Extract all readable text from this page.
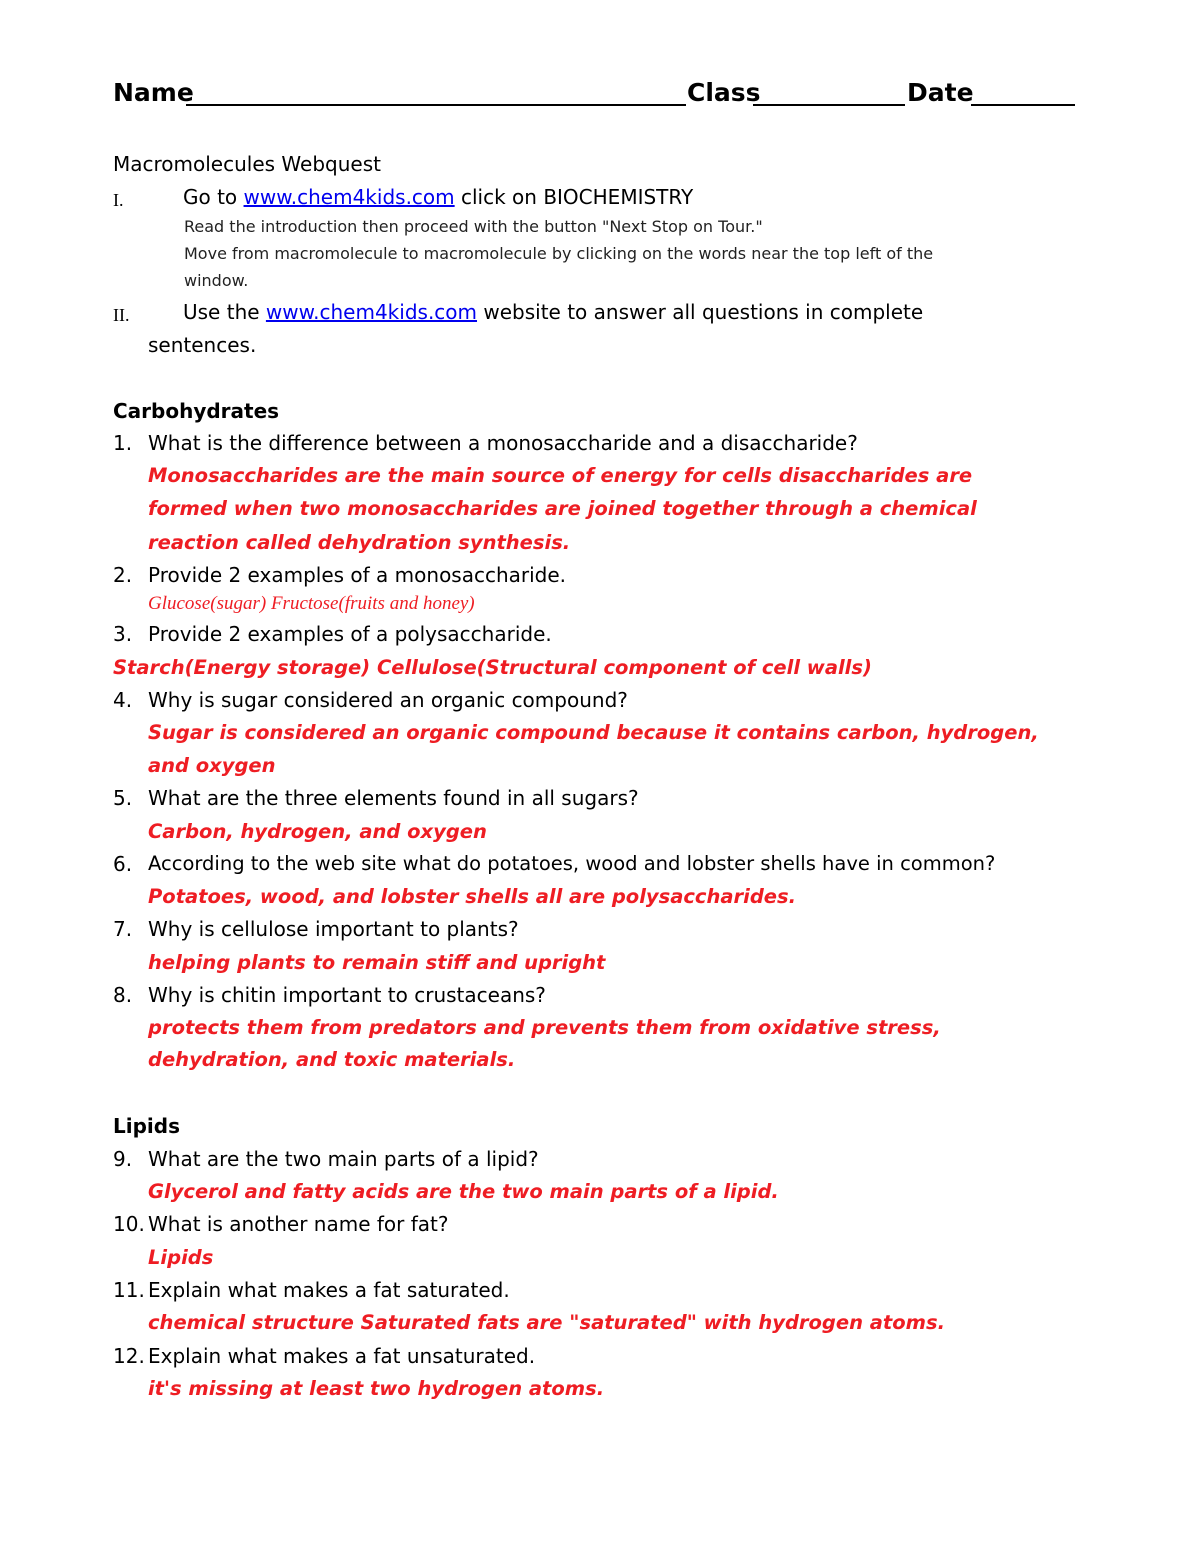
Name	Class	Date
Macromolecules Webquest
I.	Go to www.chem4kids.com click on BIOCHEMISTRY
Read the introduction then proceed with the button "Next Stop on Tour."
Move from macromolecule to macromolecule by clicking on the words near the top left of the
window.
II.	Use the www.chem4kids.com website to answer all questions in complete
sentences.
Carbohydrates
1. What is the difference between a monosaccharide and a disaccharide?
Monosaccharides are the main source of energy for cells disaccharides are
formed when two monosaccharides are joined together through a chemical
reaction called dehydration synthesis.
2. Provide 2 examples of a monosaccharide.
Glucose(sugar) Fructose(fruits and honey)
3. Provide 2 examples of a polysaccharide.
Starch(Energy storage) Cellulose(Structural component of cell walls)
4. Why is sugar considered an organic compound?
Sugar is considered an organic compound because it contains carbon, hydrogen,
and oxygen
5. What are the three elements found in all sugars?
Carbon, hydrogen, and oxygen
6. According to the web site what do potatoes, wood and lobster shells have in common?
Potatoes, wood, and lobster shells all are polysaccharides.
7. Why is cellulose important to plants?
helping plants to remain stiff and upright
8. Why is chitin important to crustaceans?
protects them from predators and prevents them from oxidative stress,
dehydration, and toxic materials.
Lipids
9. What are the two main parts of a lipid?
Glycerol and fatty acids are the two main parts of a lipid.
10. What is another name for fat?
Lipids
11. Explain what makes a fat saturated.
chemical structure Saturated fats are "saturated" with hydrogen atoms.
12. Explain what makes a fat unsaturated.
it's missing at least two hydrogen atoms.
